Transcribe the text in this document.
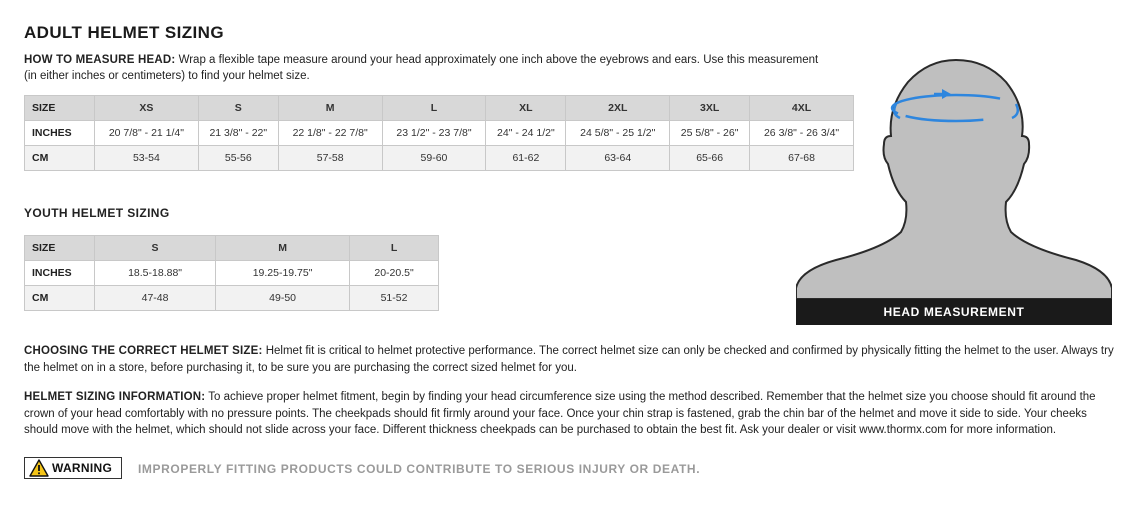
ADULT HELMET SIZING
HOW TO MEASURE HEAD: Wrap a flexible tape measure around your head approximately one inch above the eyebrows and ears. Use this measurement (in either inches or centimeters) to find your helmet size.
SIZE	XS	S	M	L	XL	2XL	3XL	4XL
INCHES	20 7/8" - 21 1/4"	21 3/8" - 22"	22 1/8" - 22 7/8"	23 1/2" - 23 7/8"	24" - 24 1/2"	24 5/8" - 25 1/2"	25 5/8" - 26"	26 3/8" - 26 3/4"
CM	53-54	55-56	57-58	59-60	61-62	63-64	65-66	67-68
YOUTH HELMET SIZING
SIZE	S	M	L
INCHES	18.5-18.88"	19.25-19.75"	20-20.5"
CM	47-48	49-50	51-52
HEAD MEASUREMENT
CHOOSING THE CORRECT HELMET SIZE: Helmet fit is critical to helmet protective performance. The correct helmet size can only be checked and confirmed by physically fitting the helmet to the user. Always try the helmet on in a store, before purchasing it, to be sure you are purchasing the correct sized helmet for you.
HELMET SIZING INFORMATION: To achieve proper helmet fitment, begin by finding your head circumference size using the method described. Remember that the helmet size you choose should fit around the crown of your head comfortably with no pressure points. The cheekpads should fit firmly around your face. Once your chin strap is fastened, grab the chin bar of the helmet and move it side to side. Your cheeks should move with the helmet, which should not slide across your face. Different thickness cheekpads can be purchased to obtain the best fit. Ask your dealer or visit www.thormx.com for more information.
WARNING IMPROPERLY FITTING PRODUCTS COULD CONTRIBUTE TO SERIOUS INJURY OR DEATH.
